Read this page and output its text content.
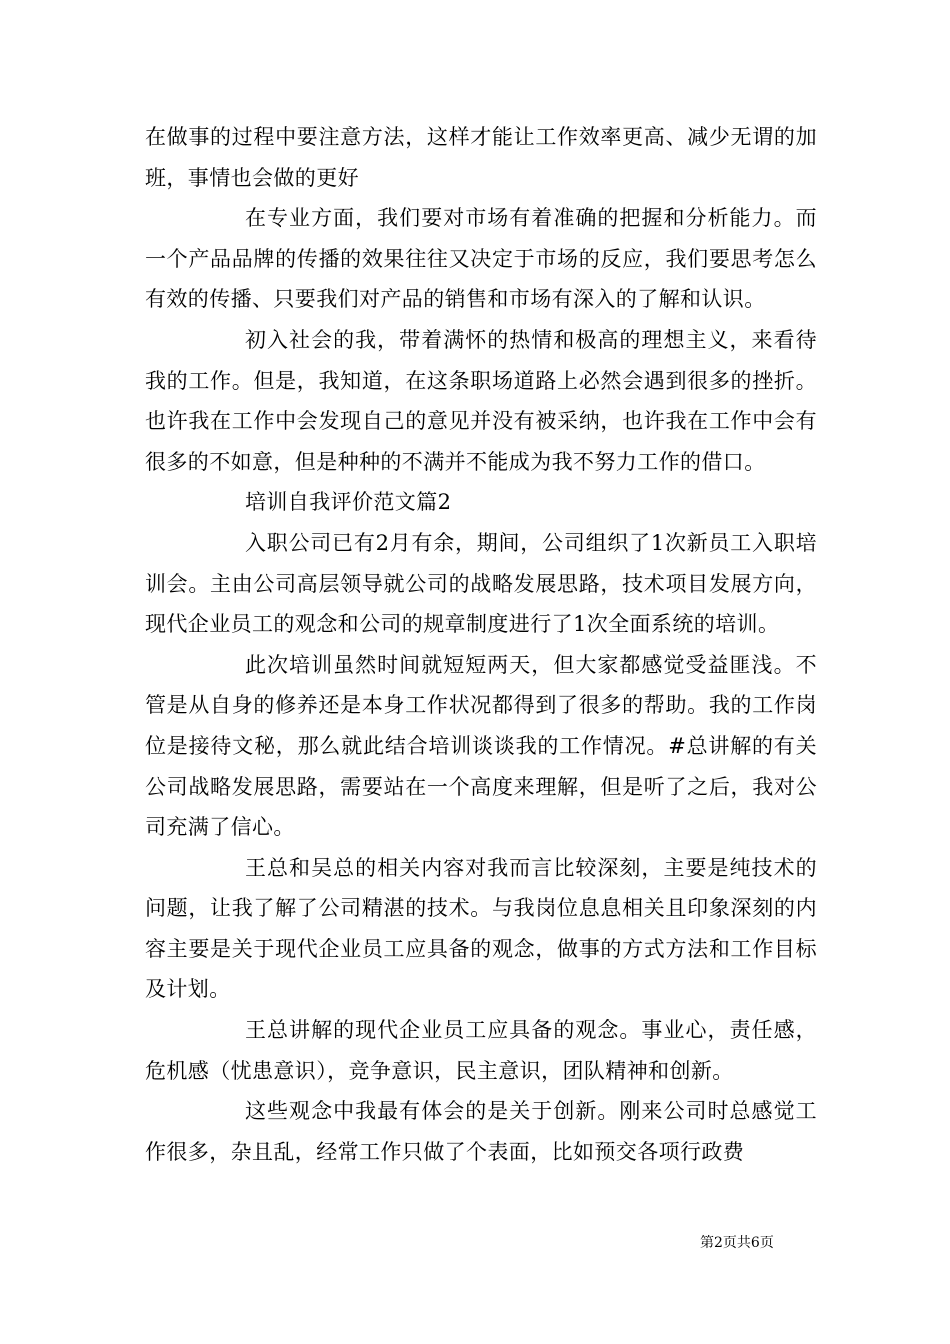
在做事的过程中要注意方法，这样才能让工作效率更高、减少无谓的加班，事情也会做的更好

在专业方面，我们要对市场有着准确的把握和分析能力。而一个产品品牌的传播的效果往往又决定于市场的反应，我们要思考怎么有效的传播、只要我们对产品的销售和市场有深入的了解和认识。

初入社会的我，带着满怀的热情和极高的理想主义，来看待我的工作。但是，我知道，在这条职场道路上必然会遇到很多的挫折。也许我在工作中会发现自己的意见并没有被采纳，也许我在工作中会有很多的不如意，但是种种的不满并不能成为我不努力工作的借口。

培训自我评价范文篇2

入职公司已有2月有余，期间，公司组织了1次新员工入职培训会。主由公司高层领导就公司的战略发展思路，技术项目发展方向，现代企业员工的观念和公司的规章制度进行了1次全面系统的培训。

此次培训虽然时间就短短两天，但大家都感觉受益匪浅。不管是从自身的修养还是本身工作状况都得到了很多的帮助。我的工作岗位是接待文秘，那么就此结合培训谈谈我的工作情况。#总讲解的有关公司战略发展思路，需要站在一个高度来理解，但是听了之后，我对公司充满了信心。

王总和吴总的相关内容对我而言比较深刻，主要是纯技术的问题，让我了解了公司精湛的技术。与我岗位息息相关且印象深刻的内容主要是关于现代企业员工应具备的观念，做事的方式方法和工作目标及计划。

王总讲解的现代企业员工应具备的观念。事业心，责任感，危机感（忧患意识），竞争意识，民主意识，团队精神和创新。

这些观念中我最有体会的是关于创新。刚来公司时总感觉工作很多，杂且乱，经常工作只做了个表面，比如预交各项行政费

第2页共6页
